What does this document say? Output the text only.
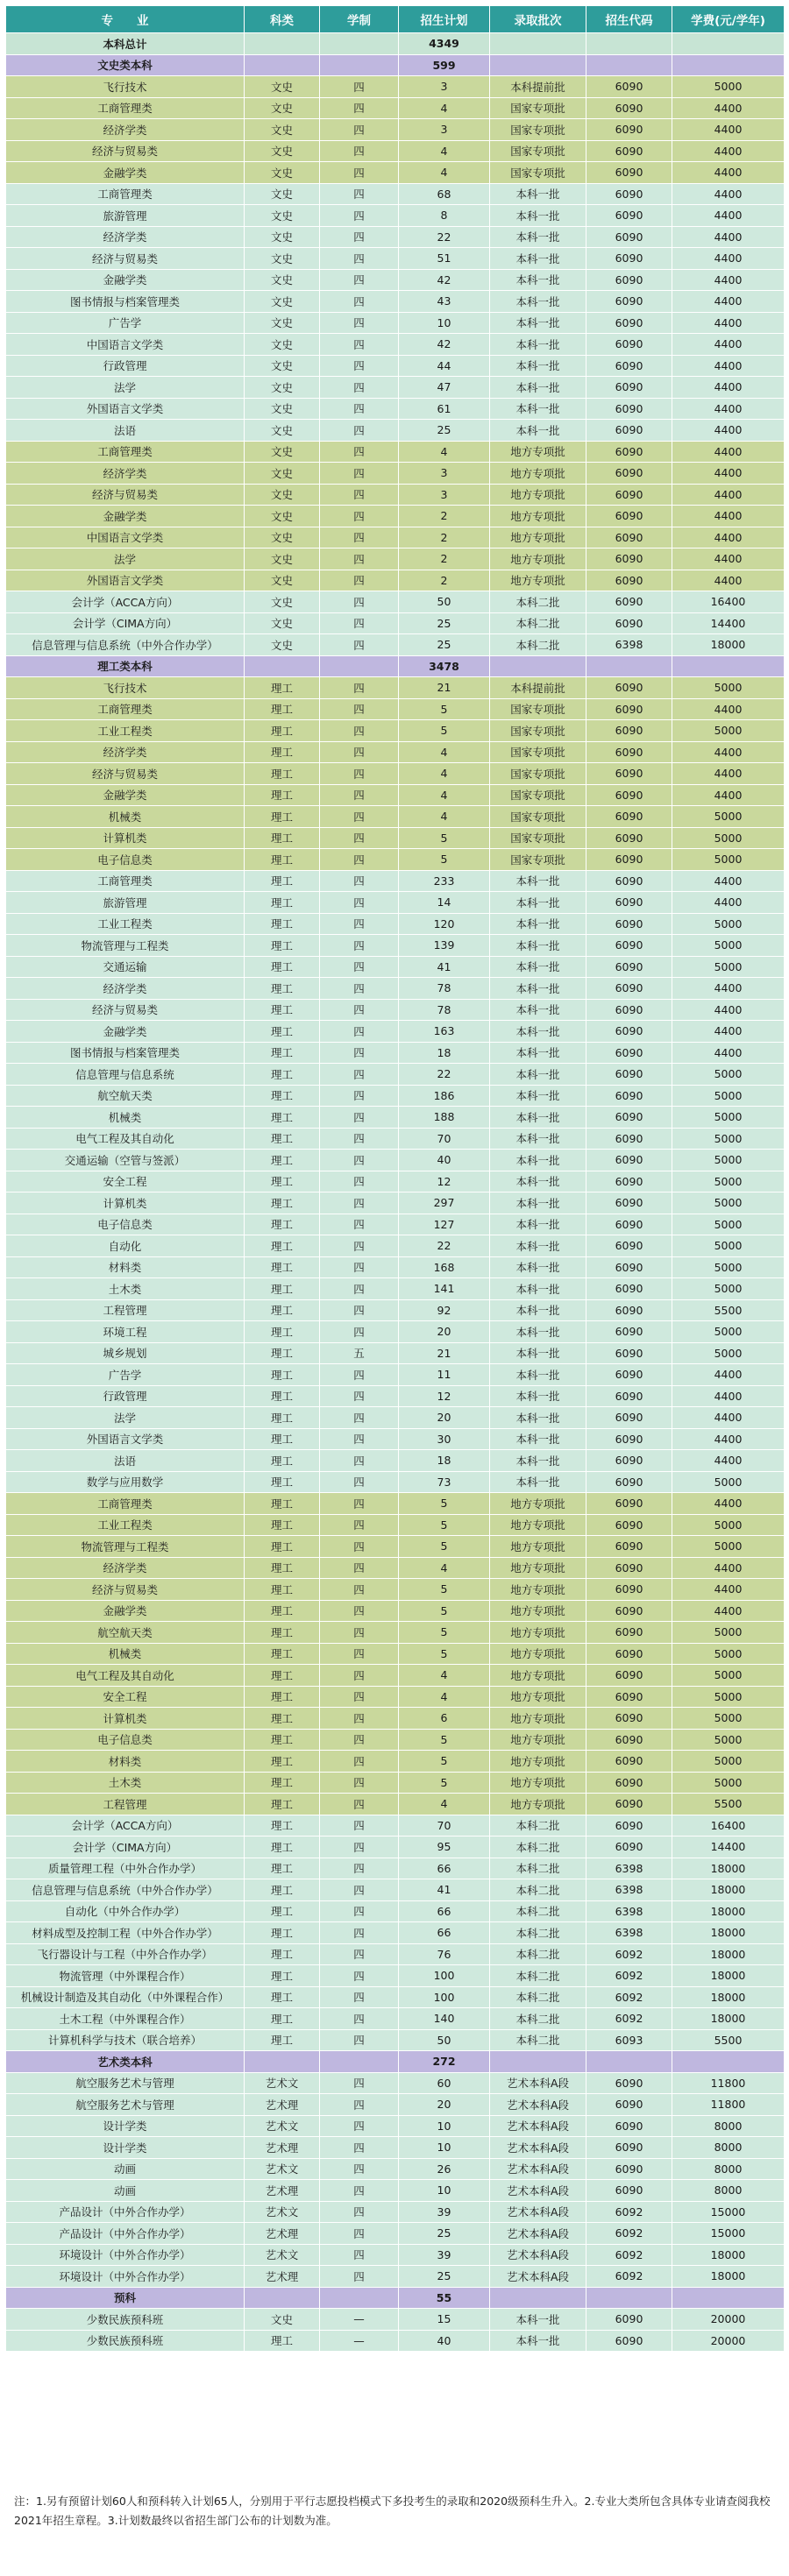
专　　业	科类	学制	招生计划	录取批次	招生代码	学费(元/学年)
本科总计			4349			
文史类本科			599			
飞行技术	文史	四	3	本科提前批	6090	5000
工商管理类	文史	四	4	国家专项批	6090	4400
经济学类	文史	四	3	国家专项批	6090	4400
经济与贸易类	文史	四	4	国家专项批	6090	4400
金融学类	文史	四	4	国家专项批	6090	4400
工商管理类	文史	四	68	本科一批	6090	4400
旅游管理	文史	四	8	本科一批	6090	4400
经济学类	文史	四	22	本科一批	6090	4400
经济与贸易类	文史	四	51	本科一批	6090	4400
金融学类	文史	四	42	本科一批	6090	4400
图书情报与档案管理类	文史	四	43	本科一批	6090	4400
广告学	文史	四	10	本科一批	6090	4400
中国语言文学类	文史	四	42	本科一批	6090	4400
行政管理	文史	四	44	本科一批	6090	4400
法学	文史	四	47	本科一批	6090	4400
外国语言文学类	文史	四	61	本科一批	6090	4400
法语	文史	四	25	本科一批	6090	4400
工商管理类	文史	四	4	地方专项批	6090	4400
经济学类	文史	四	3	地方专项批	6090	4400
经济与贸易类	文史	四	3	地方专项批	6090	4400
金融学类	文史	四	2	地方专项批	6090	4400
中国语言文学类	文史	四	2	地方专项批	6090	4400
法学	文史	四	2	地方专项批	6090	4400
外国语言文学类	文史	四	2	地方专项批	6090	4400
会计学（ACCA方向）	文史	四	50	本科二批	6090	16400
会计学（CIMA方向）	文史	四	25	本科二批	6090	14400
信息管理与信息系统（中外合作办学）	文史	四	25	本科二批	6398	18000
理工类本科			3478			
飞行技术	理工	四	21	本科提前批	6090	5000
工商管理类	理工	四	5	国家专项批	6090	4400
工业工程类	理工	四	5	国家专项批	6090	5000
经济学类	理工	四	4	国家专项批	6090	4400
经济与贸易类	理工	四	4	国家专项批	6090	4400
金融学类	理工	四	4	国家专项批	6090	4400
机械类	理工	四	4	国家专项批	6090	5000
计算机类	理工	四	5	国家专项批	6090	5000
电子信息类	理工	四	5	国家专项批	6090	5000
工商管理类	理工	四	233	本科一批	6090	4400
旅游管理	理工	四	14	本科一批	6090	4400
工业工程类	理工	四	120	本科一批	6090	5000
物流管理与工程类	理工	四	139	本科一批	6090	5000
交通运输	理工	四	41	本科一批	6090	5000
经济学类	理工	四	78	本科一批	6090	4400
经济与贸易类	理工	四	78	本科一批	6090	4400
金融学类	理工	四	163	本科一批	6090	4400
图书情报与档案管理类	理工	四	18	本科一批	6090	4400
信息管理与信息系统	理工	四	22	本科一批	6090	5000
航空航天类	理工	四	186	本科一批	6090	5000
机械类	理工	四	188	本科一批	6090	5000
电气工程及其自动化	理工	四	70	本科一批	6090	5000
交通运输（空管与签派）	理工	四	40	本科一批	6090	5000
安全工程	理工	四	12	本科一批	6090	5000
计算机类	理工	四	297	本科一批	6090	5000
电子信息类	理工	四	127	本科一批	6090	5000
自动化	理工	四	22	本科一批	6090	5000
材料类	理工	四	168	本科一批	6090	5000
土木类	理工	四	141	本科一批	6090	5000
工程管理	理工	四	92	本科一批	6090	5500
环境工程	理工	四	20	本科一批	6090	5000
城乡规划	理工	五	21	本科一批	6090	5000
广告学	理工	四	11	本科一批	6090	4400
行政管理	理工	四	12	本科一批	6090	4400
法学	理工	四	20	本科一批	6090	4400
外国语言文学类	理工	四	30	本科一批	6090	4400
法语	理工	四	18	本科一批	6090	4400
数学与应用数学	理工	四	73	本科一批	6090	5000
工商管理类	理工	四	5	地方专项批	6090	4400
工业工程类	理工	四	5	地方专项批	6090	5000
物流管理与工程类	理工	四	5	地方专项批	6090	5000
经济学类	理工	四	4	地方专项批	6090	4400
经济与贸易类	理工	四	5	地方专项批	6090	4400
金融学类	理工	四	5	地方专项批	6090	4400
航空航天类	理工	四	5	地方专项批	6090	5000
机械类	理工	四	5	地方专项批	6090	5000
电气工程及其自动化	理工	四	4	地方专项批	6090	5000
安全工程	理工	四	4	地方专项批	6090	5000
计算机类	理工	四	6	地方专项批	6090	5000
电子信息类	理工	四	5	地方专项批	6090	5000
材料类	理工	四	5	地方专项批	6090	5000
土木类	理工	四	5	地方专项批	6090	5000
工程管理	理工	四	4	地方专项批	6090	5500
会计学（ACCA方向）	理工	四	70	本科二批	6090	16400
会计学（CIMA方向）	理工	四	95	本科二批	6090	14400
质量管理工程（中外合作办学）	理工	四	66	本科二批	6398	18000
信息管理与信息系统（中外合作办学）	理工	四	41	本科二批	6398	18000
自动化（中外合作办学）	理工	四	66	本科二批	6398	18000
材料成型及控制工程（中外合作办学）	理工	四	66	本科二批	6398	18000
飞行器设计与工程（中外合作办学）	理工	四	76	本科二批	6092	18000
物流管理（中外课程合作）	理工	四	100	本科二批	6092	18000
机械设计制造及其自动化（中外课程合作）	理工	四	100	本科二批	6092	18000
土木工程（中外课程合作）	理工	四	140	本科二批	6092	18000
计算机科学与技术（联合培养）	理工	四	50	本科二批	6093	5500
艺术类本科			272			
航空服务艺术与管理	艺术文	四	60	艺术本科A段	6090	11800
航空服务艺术与管理	艺术理	四	20	艺术本科A段	6090	11800
设计学类	艺术文	四	10	艺术本科A段	6090	8000
设计学类	艺术理	四	10	艺术本科A段	6090	8000
动画	艺术文	四	26	艺术本科A段	6090	8000
动画	艺术理	四	10	艺术本科A段	6090	8000
产品设计（中外合作办学）	艺术文	四	39	艺术本科A段	6092	15000
产品设计（中外合作办学）	艺术理	四	25	艺术本科A段	6092	15000
环境设计（中外合作办学）	艺术文	四	39	艺术本科A段	6092	18000
环境设计（中外合作办学）	艺术理	四	25	艺术本科A段	6092	18000
预科			55			
少数民族预科班	文史	—	15	本科一批	6090	20000
少数民族预科班	理工	—	40	本科一批	6090	20000
注：1.另有预留计划60人和预科转入计划65人，分别用于平行志愿投档模式下多投考生的录取和2020级预科生升入。2.专业大类所包含具体专业请查阅我校2021年招生章程。3.计划数最终以省招生部门公布的计划数为准。
